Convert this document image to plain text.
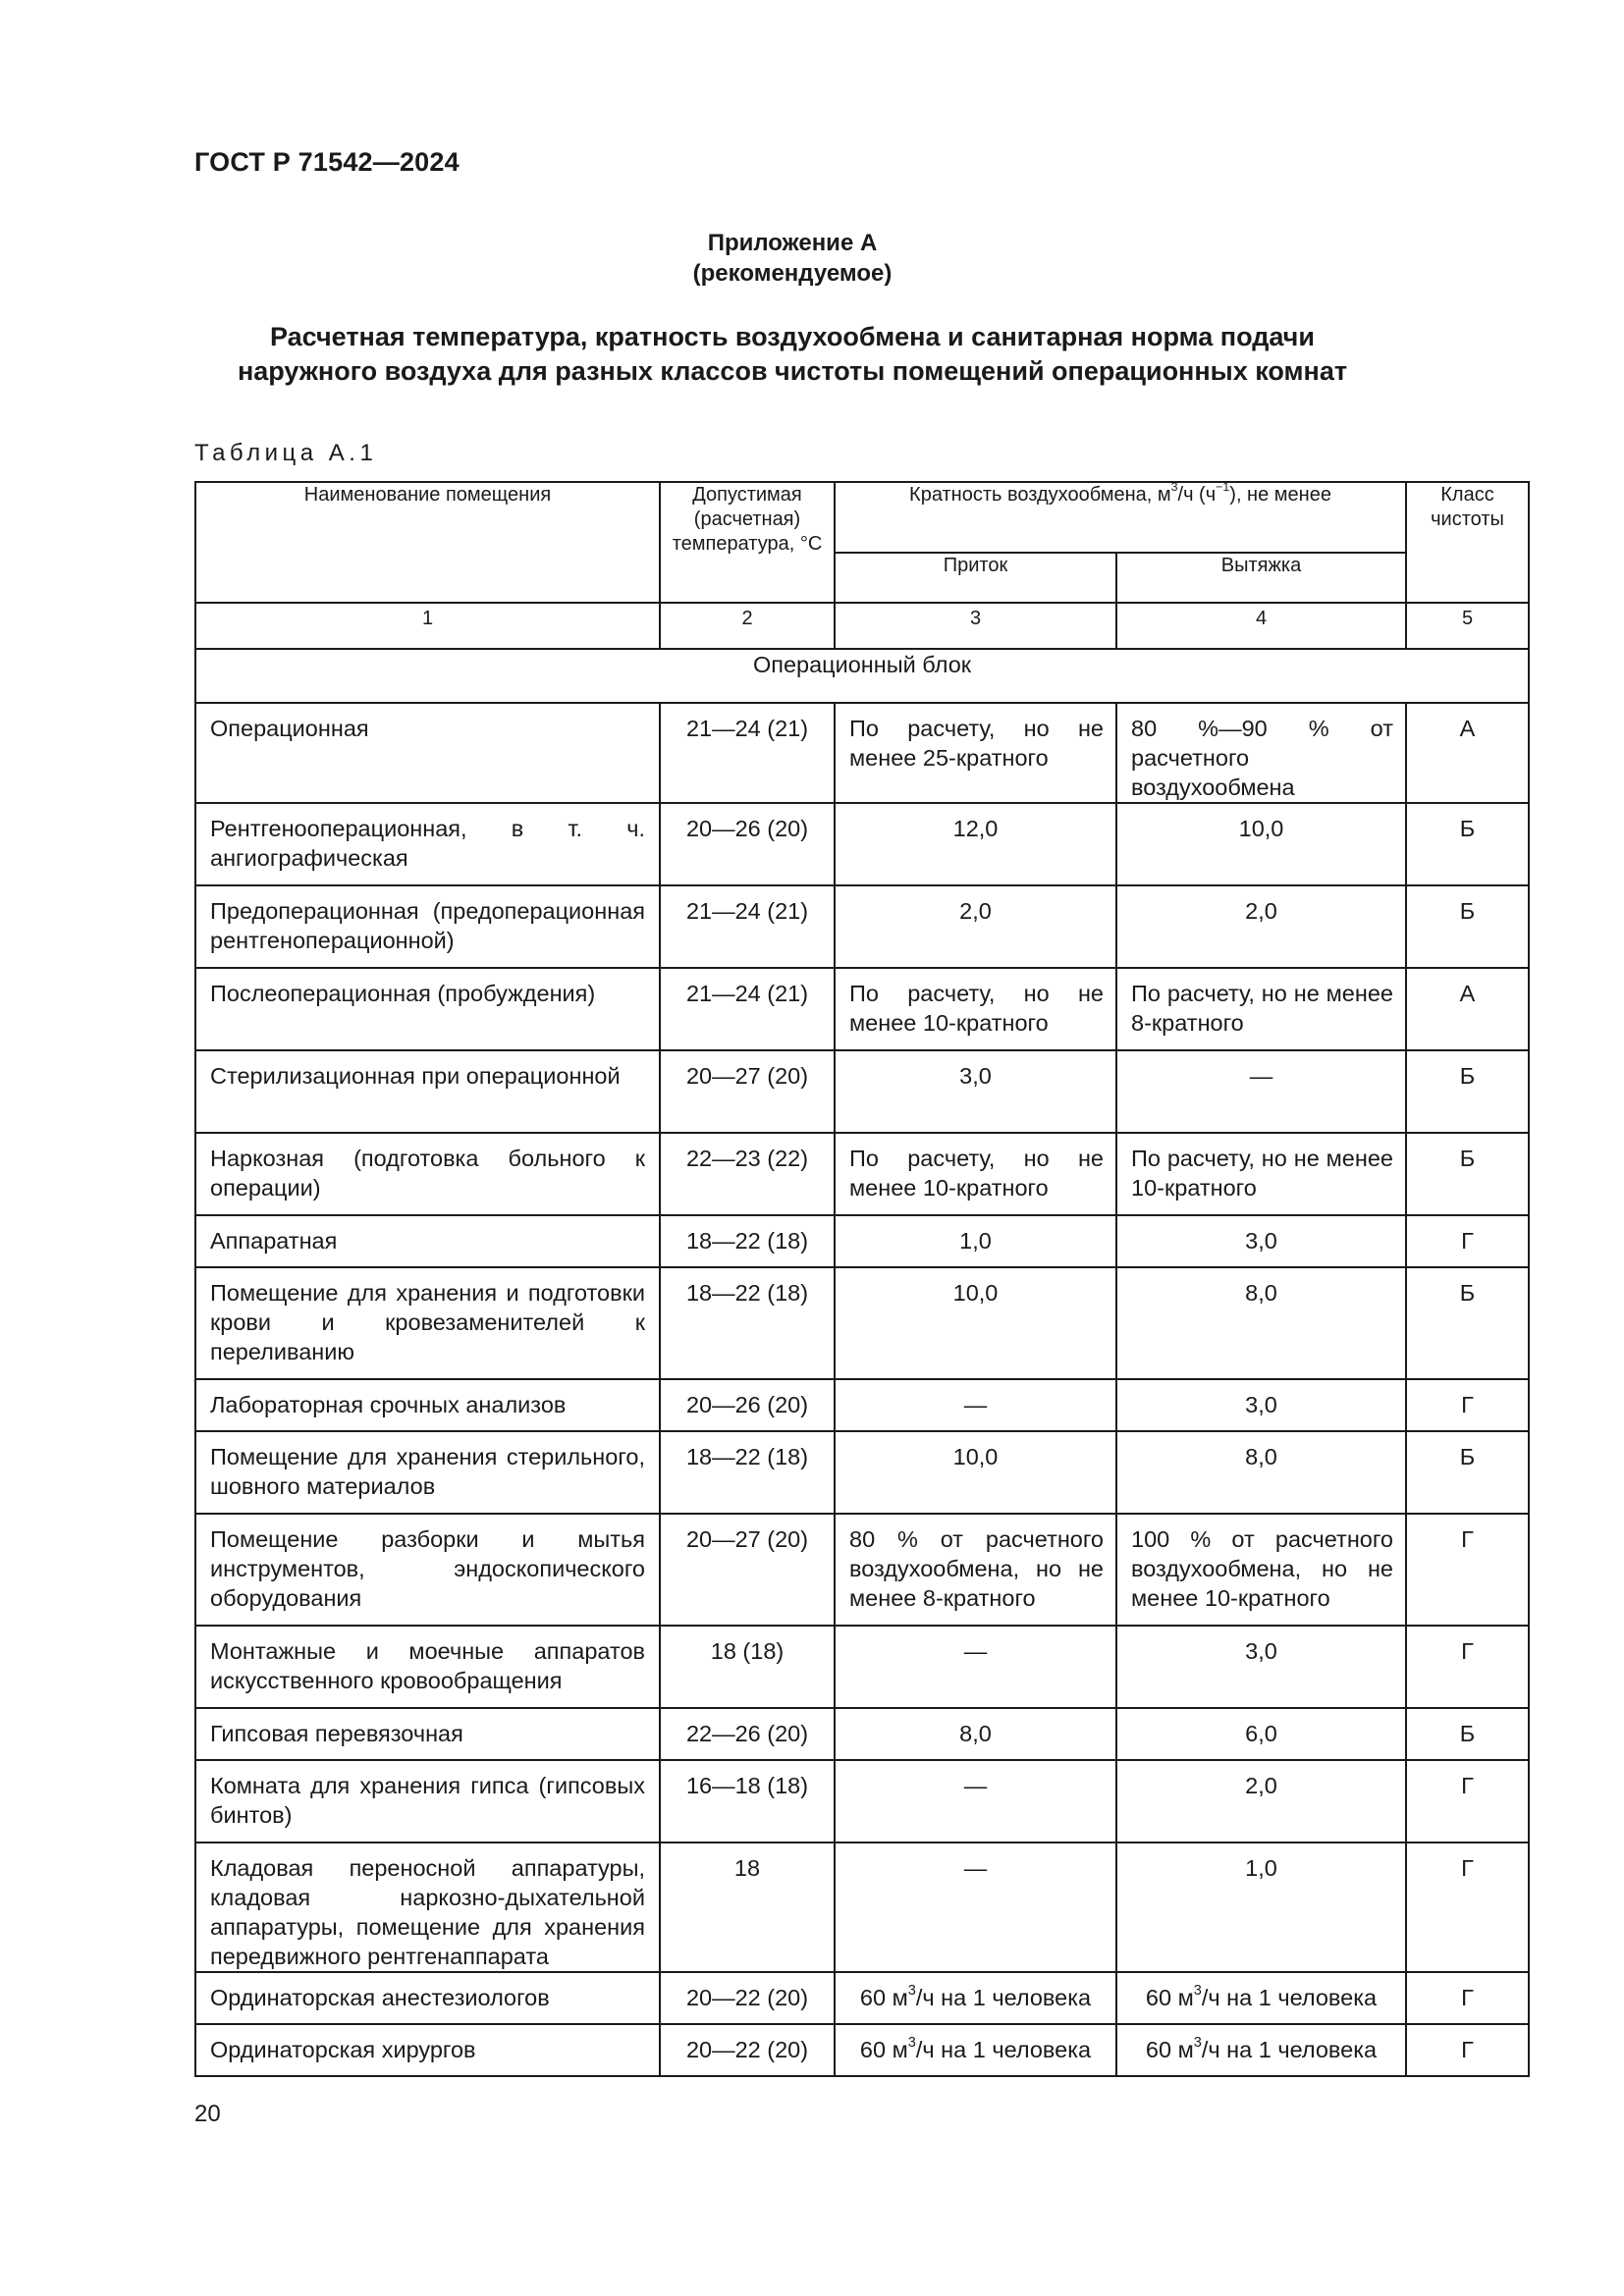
ГОСТ Р 71542—2024
Приложение А
(рекомендуемое)
Расчетная температура, кратность воздухообмена и санитарная норма подачи
наружного воздуха для разных классов чистоты помещений операционных комнат
Таблица А.1
Наименование помещения	Допустимая (расчетная) температура, °С	Кратность воздухообмена, $м^3/ч$ $(ч^{-1})$, не менее		Класс чистоты
		Приток	Вытяжка	
1	2	3	4	5
Операционный блок				
Операционная	21—24 (21)	По расчету, но не менее 25-кратного	80 %—90 % от расчетного воздухообмена	А
Рентгенооперационная, в т. ч. ангиографическая	20—26 (20)	12,0	10,0	Б
Предоперационная (предоперационная рентгеноперационной)	21—24 (21)	2,0	2,0	Б
Послеоперационная (пробуждения)	21—24 (21)	По расчету, но не менее 10-кратного	По расчету, но не менее 8-кратного	А
Стерилизационная при операционной	20—27 (20)	3,0	—	Б
Наркозная (подготовка больного к операции)	22—23 (22)	По расчету, но не менее 10-кратного	По расчету, но не менее 10-кратного	Б
Аппаратная	18—22 (18)	1,0	3,0	Г
Помещение для хранения и подготовки крови и кровезаменителей к переливанию	18—22 (18)	10,0	8,0	Б
Лабораторная срочных анализов	20—26 (20)	—	3,0	Г
Помещение для хранения стерильного, шовного материалов	18—22 (18)	10,0	8,0	Б
Помещение разборки и мытья инструментов, эндоскопического оборудования	20—27 (20)	80 % от расчетного воздухообмена, но не менее 8-кратного	100 % от расчетного воздухообмена, но не менее 10-кратного	Г
Монтажные и моечные аппаратов искусственного кровообращения	18 (18)	—	3,0	Г
Гипсовая перевязочная	22—26 (20)	8,0	6,0	Б
Комната для хранения гипса (гипсовых бинтов)	16—18 (18)	—	2,0	Г
Кладовая переносной аппаратуры, кладовая наркозно-дыхательной аппаратуры, помещение для хранения передвижного рентгенаппарата	18	—	1,0	Г
Ординаторская анестезиологов	20—22 (20)	60 $м^3/ч$ на 1 человека	60 $м^3/ч$ на 1 человека	Г
Ординаторская хирургов	20—22 (20)	60 $м^3/ч$ на 1 человека	60 $м^3/ч$ на 1 человека	Г
20
